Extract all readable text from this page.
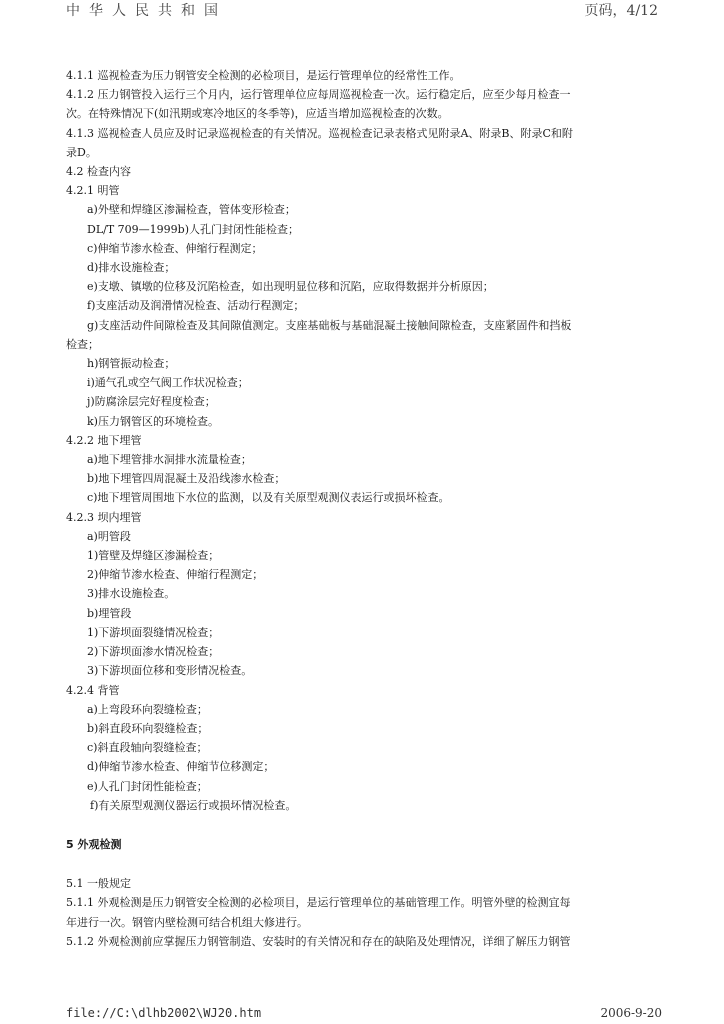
中华人民共和国	页码，4/12
4.1.1 巡视检查为压力钢管安全检测的必检项目，是运行管理单位的经常性工作。
4.1.2 压力钢管投入运行三个月内，运行管理单位应每周巡视检查一次。运行稳定后，应至少每月检查一
次。在特殊情况下(如汛期或寒冷地区的冬季等)，应适当增加巡视检查的次数。
4.1.3 巡视检查人员应及时记录巡视检查的有关情况。巡视检查记录表格式见附录A、附录B、附录C和附
录D。
4.2 检查内容
4.2.1 明管
a)外壁和焊缝区渗漏检查，管体变形检查；
DL/T 709—1999b)人孔门封闭性能检查；
c)伸缩节渗水检查、伸缩行程测定；
d)排水设施检查；
e)支墩、镇墩的位移及沉陷检查，如出现明显位移和沉陷，应取得数据并分析原因；
f)支座活动及润滑情况检查、活动行程测定；
g)支座活动件间隙检查及其间隙值测定。支座基础板与基础混凝土接触间隙检查，支座紧固件和挡板
检查；
h)钢管振动检查；
i)通气孔或空气阀工作状况检查；
j)防腐涂层完好程度检查；
k)压力钢管区的环境检查。
4.2.2 地下埋管
a)地下埋管排水洞排水流量检查；
b)地下埋管四周混凝土及沿线渗水检查；
c)地下埋管周围地下水位的监测，以及有关原型观测仪表运行或损坏检查。
4.2.3 坝内埋管
a)明管段
1)管壁及焊缝区渗漏检查；
2)伸缩节渗水检查、伸缩行程测定；
3)排水设施检查。
b)埋管段
1)下游坝面裂缝情况检查；
2)下游坝面渗水情况检查；
3)下游坝面位移和变形情况检查。
4.2.4 背管
a)上弯段环向裂缝检查；
b)斜直段环向裂缝检查；
c)斜直段轴向裂缝检查；
d)伸缩节渗水检查、伸缩节位移测定；
e)人孔门封闭性能检查；
f)有关原型观测仪器运行或损坏情况检查。
5 外观检测
5.1 一般规定
5.1.1 外观检测是压力钢管安全检测的必检项目，是运行管理单位的基础管理工作。明管外壁的检测宜每
年进行一次。钢管内壁检测可结合机组大修进行。
5.1.2 外观检测前应掌握压力钢管制造、安装时的有关情况和存在的缺陷及处理情况，详细了解压力钢管
file://C:\dlhb2002\WJ20.htm	2006-9-20
